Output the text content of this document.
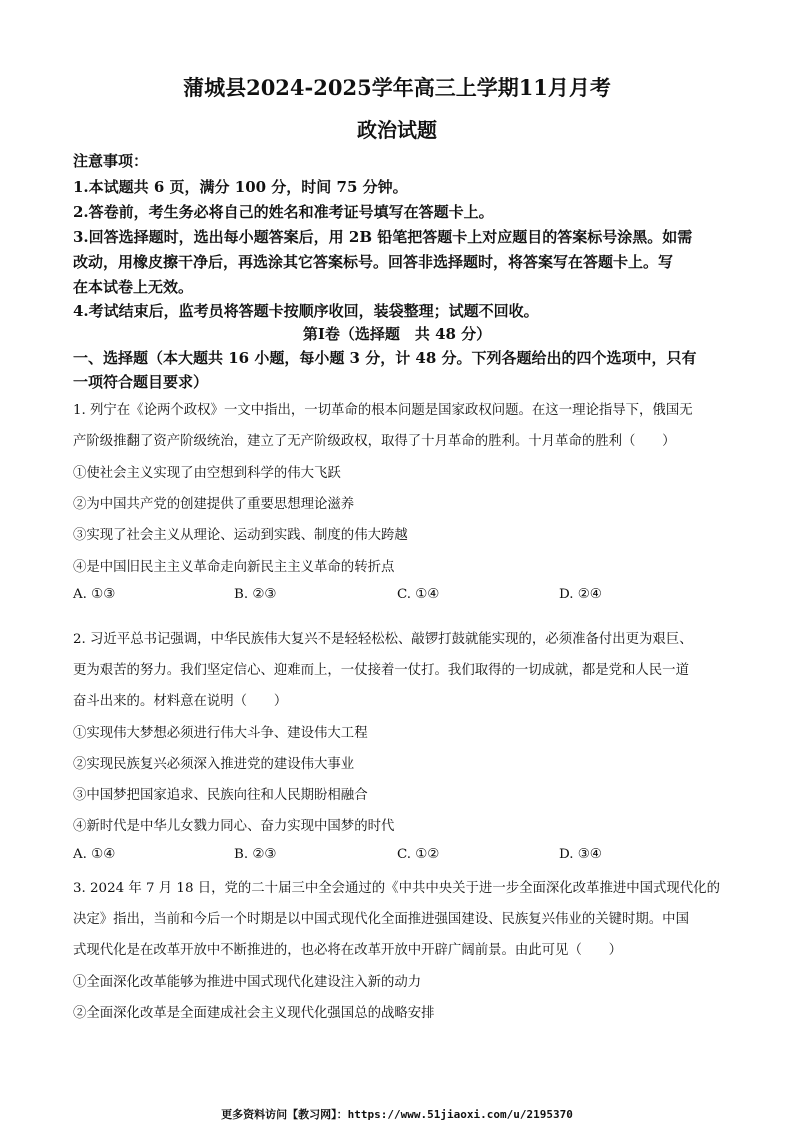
蒲城县2024-2025学年高三上学期11月月考
政治试题
注意事项：
1.本试题共 6 页，满分 100 分，时间 75 分钟。
2.答卷前，考生务必将自己的姓名和准考证号填写在答题卡上。
3.回答选择题时，选出每小题答案后，用 2B 铅笔把答题卡上对应题目的答案标号涂黑。如需
改动，用橡皮擦干净后，再选涂其它答案标号。回答非选择题时，将答案写在答题卡上。写
在本试卷上无效。
4.考试结束后，监考员将答题卡按顺序收回，装袋整理；试题不回收。
第Ⅰ卷（选择题　共 48 分）
一、选择题（本大题共 16 小题，每小题 3 分，计 48 分。下列各题给出的四个选项中，只有
一项符合题目要求）
1. 列宁在《论两个政权》一文中指出，一切革命的根本问题是国家政权问题。在这一理论指导下，俄国无
产阶级推翻了资产阶级统治，建立了无产阶级政权，取得了十月革命的胜利。十月革命的胜利（　　）
①使社会主义实现了由空想到科学的伟大飞跃
②为中国共产党的创建提供了重要思想理论滋养
③实现了社会主义从理论、运动到实践、制度的伟大跨越
④是中国旧民主主义革命走向新民主主义革命的转折点
A. ①③	B. ②③	C. ①④	D. ②④
2. 习近平总书记强调，中华民族伟大复兴不是轻轻松松、敲锣打鼓就能实现的，必须准备付出更为艰巨、
更为艰苦的努力。我们坚定信心、迎难而上，一仗接着一仗打。我们取得的一切成就，都是党和人民一道
奋斗出来的。材料意在说明（　　）
①实现伟大梦想必须进行伟大斗争、建设伟大工程
②实现民族复兴必须深入推进党的建设伟大事业
③中国梦把国家追求、民族向往和人民期盼相融合
④新时代是中华儿女戮力同心、奋力实现中国梦的时代
A. ①④	B. ②③	C. ①②	D. ③④
3. 2024 年 7 月 18 日，党的二十届三中全会通过的《中共中央关于进一步全面深化改革推进中国式现代化的
决定》指出，当前和今后一个时期是以中国式现代化全面推进强国建设、民族复兴伟业的关键时期。中国
式现代化是在改革开放中不断推进的，也必将在改革开放中开辟广阔前景。由此可见（　　）
①全面深化改革能够为推进中国式现代化建设注入新的动力
②全面深化改革是全面建成社会主义现代化强国总的战略安排
更多资料访问【教习网】：https://www.51jiaoxi.com/u/2195370
